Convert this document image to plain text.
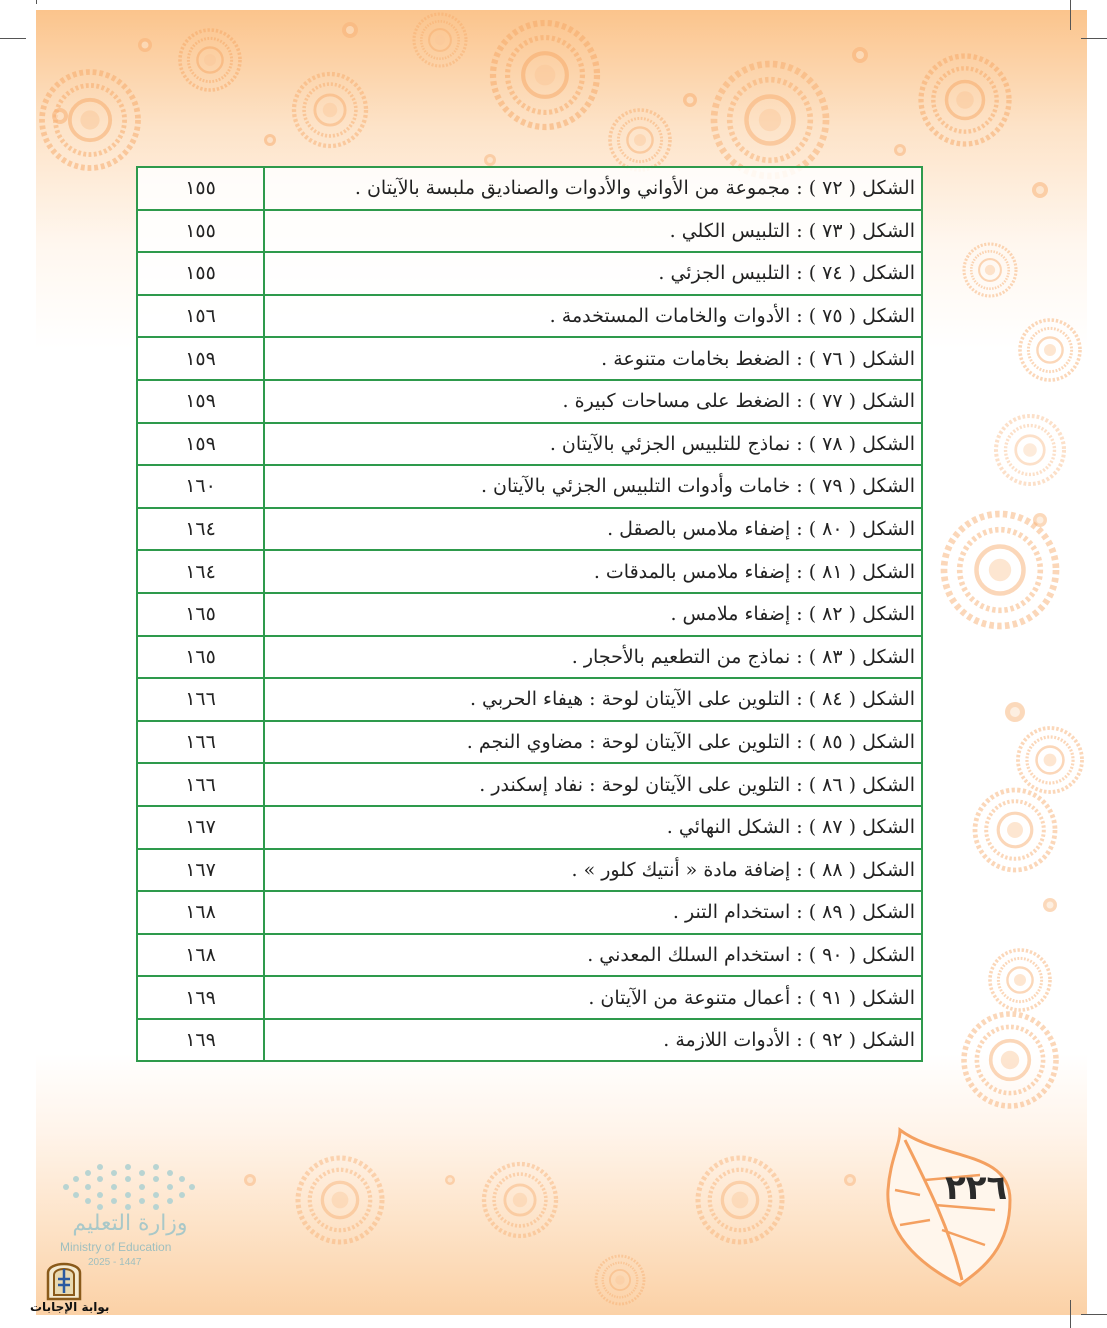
الشكل ( ٧٢ ) : مجموعة من الأواني والأدوات والصناديق ملبسة بالآيتان .	١٥٥
الشكل ( ٧٣ ) : التلبيس الكلي .	١٥٥
الشكل ( ٧٤ ) : التلبيس الجزئي .	١٥٥
الشكل ( ٧٥ ) : الأدوات والخامات المستخدمة .	١٥٦
الشكل ( ٧٦ ) : الضغط بخامات متنوعة .	١٥٩
الشكل ( ٧٧ ) : الضغط على مساحات كبيرة .	١٥٩
الشكل ( ٧٨ ) : نماذج للتلبيس الجزئي بالآيتان .	١٥٩
الشكل ( ٧٩ ) : خامات وأدوات التلبيس الجزئي بالآيتان .	١٦٠
الشكل ( ٨٠ ) : إضفاء ملامس بالصقل .	١٦٤
الشكل ( ٨١ ) : إضفاء ملامس بالمدقات .	١٦٤
الشكل ( ٨٢ ) : إضفاء ملامس .	١٦٥
الشكل ( ٨٣ ) : نماذج من التطعيم بالأحجار .	١٦٥
الشكل ( ٨٤ ) : التلوين على الآيتان لوحة : هيفاء الحربي .	١٦٦
الشكل ( ٨٥ ) : التلوين على الآيتان لوحة : مضاوي النجم .	١٦٦
الشكل ( ٨٦ ) : التلوين على الآيتان لوحة : نفاد إسكندر .	١٦٦
الشكل ( ٨٧ ) : الشكل النهائي .	١٦٧
الشكل ( ٨٨ ) : إضافة مادة « أنتيك كلور » .	١٦٧
الشكل ( ٨٩ ) : استخدام التنر .	١٦٨
الشكل ( ٩٠ ) : استخدام السلك المعدني .	١٦٨
الشكل ( ٩١ ) : أعمال متنوعة من الآيتان .	١٦٩
الشكل ( ٩٢ ) : الأدوات اللازمة .	١٦٩
٢٢٦
وزارة التعليم
Ministry of Education
2025 - 1447
بوابة الإجابات
